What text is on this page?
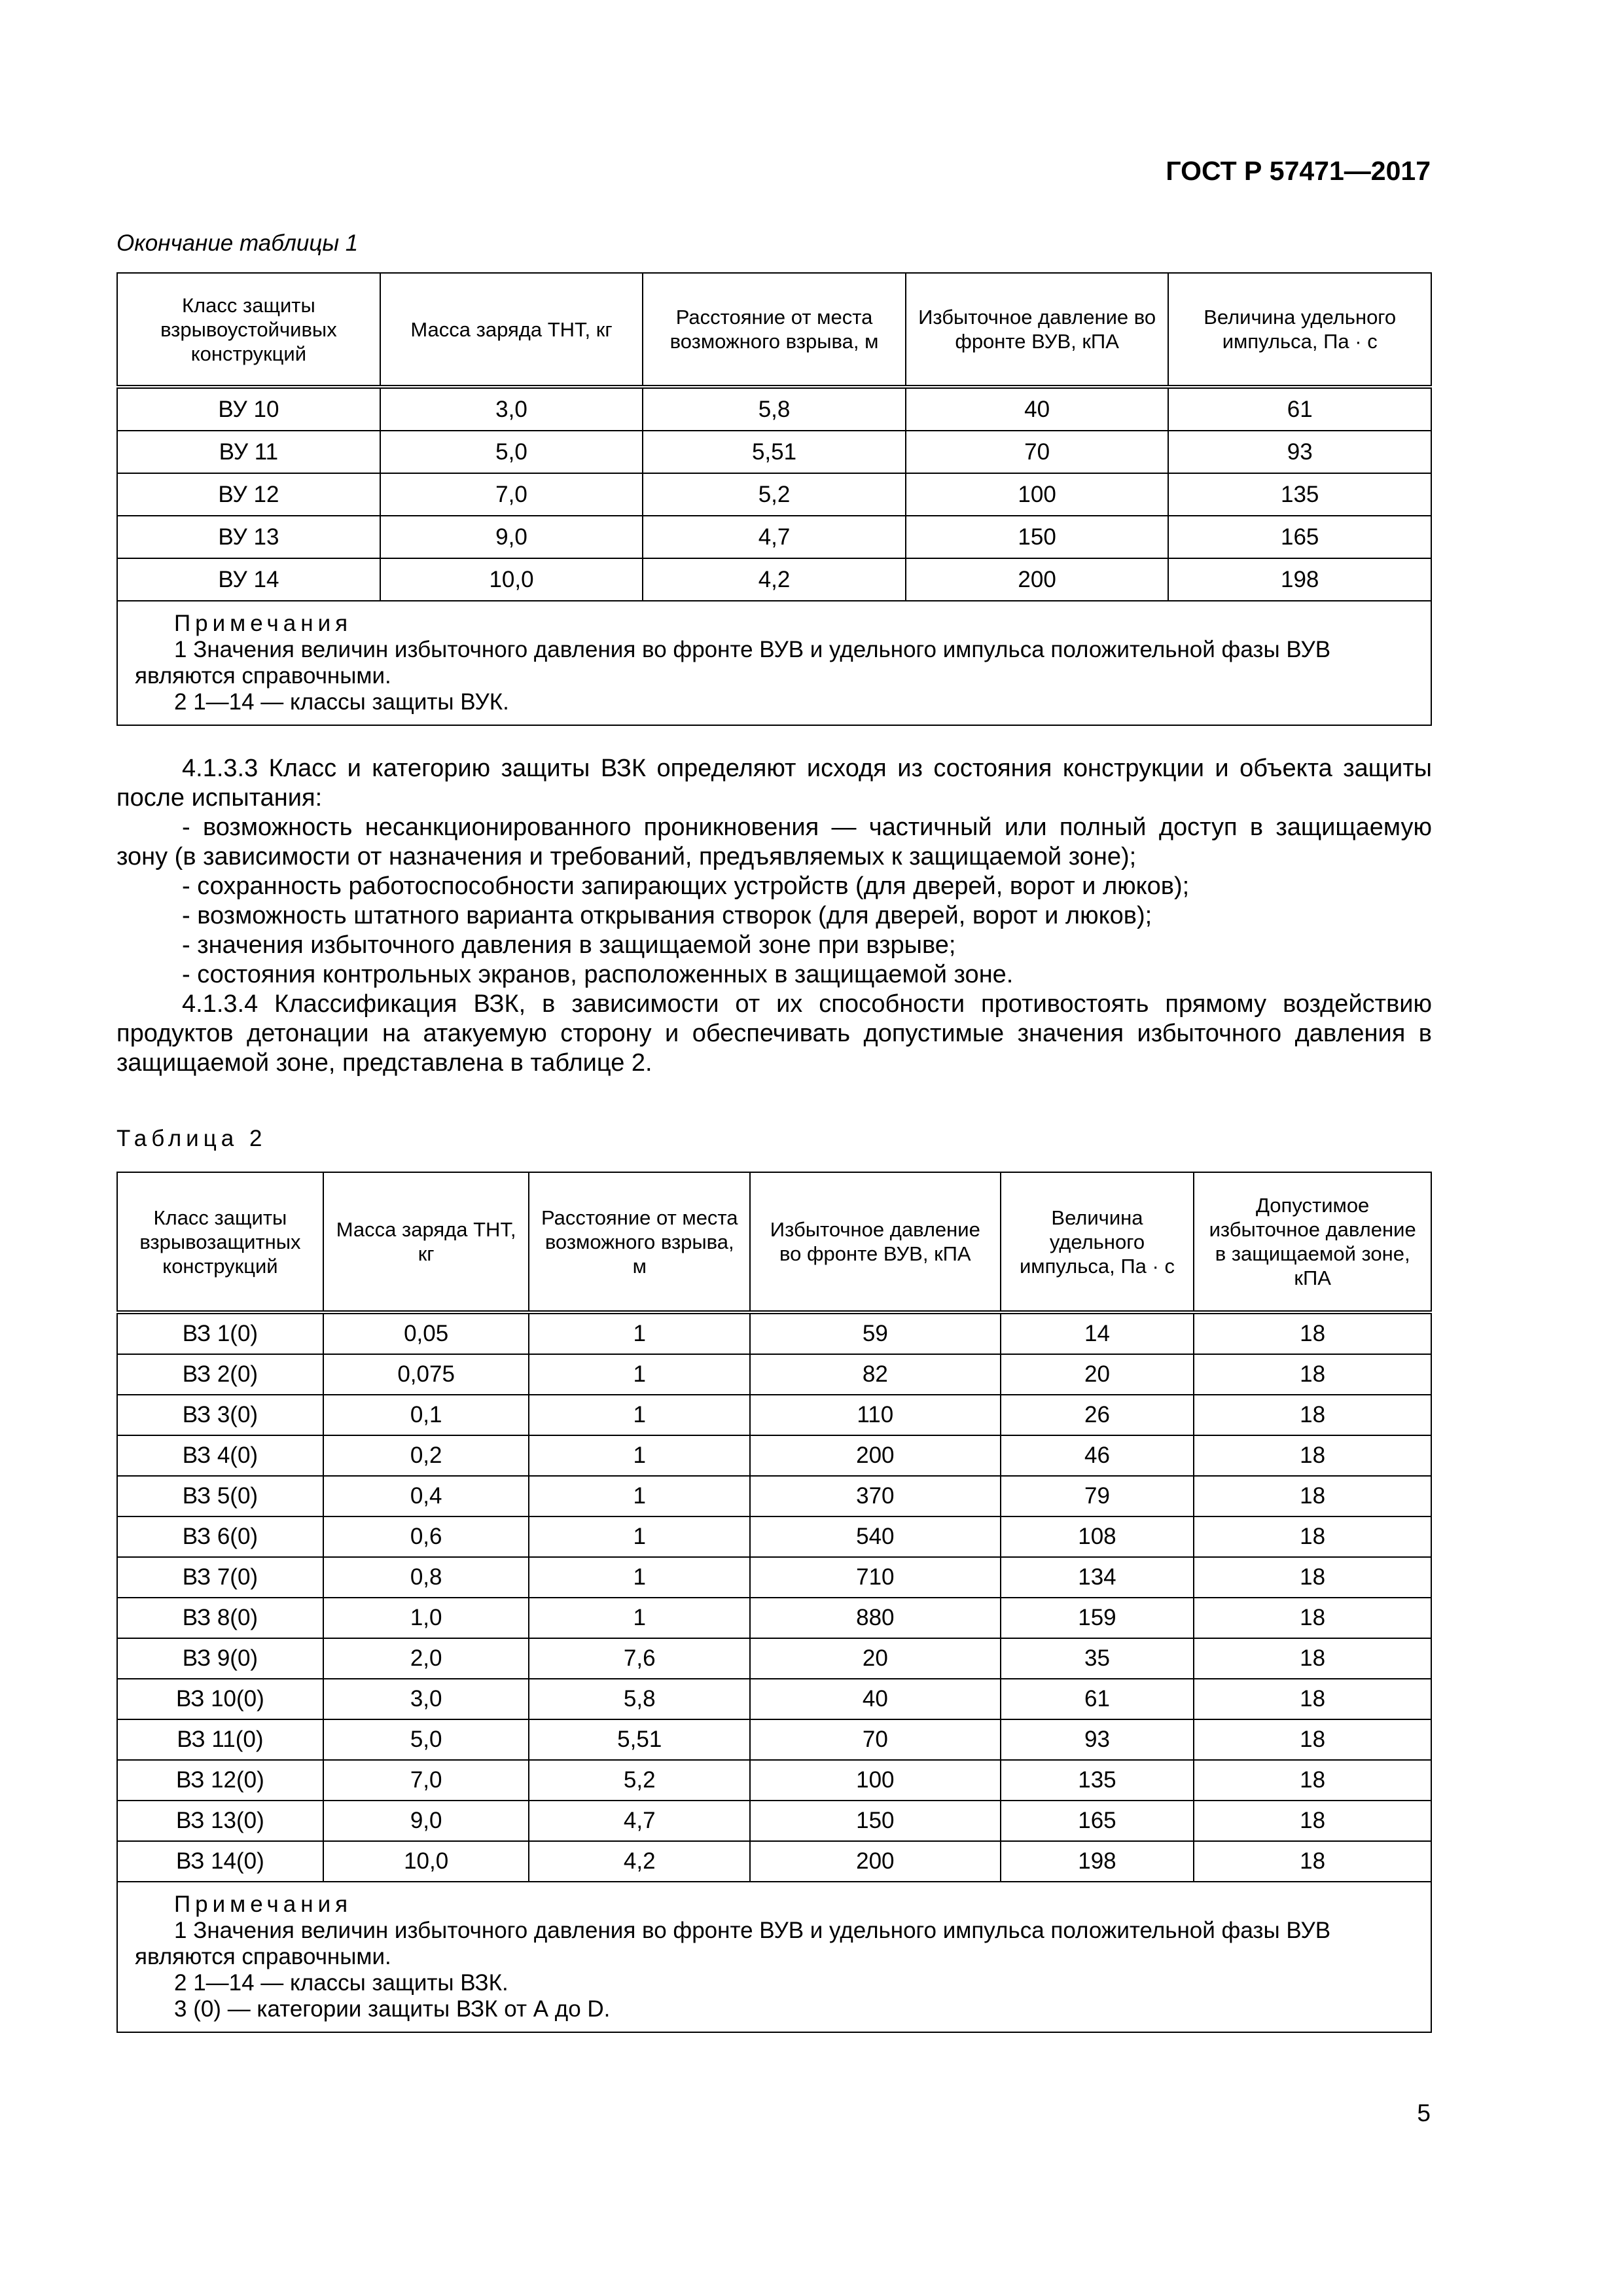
ГОСТ Р 57471—2017
Окончание таблицы 1
Класс защиты взрывоустойчивых конструкций	Масса заряда ТНТ, кг	Расстояние от места возможного взрыва, м	Избыточное давление во фронте ВУВ, кПА	Величина удельного импульса, Па · с
ВУ 10	3,0	5,8	40	61
ВУ 11	5,0	5,51	70	93
ВУ 12	7,0	5,2	100	135
ВУ 13	9,0	4,7	150	165
ВУ 14	10,0	4,2	200	198

Примечания
1 Значения величин избыточного давления во фронте ВУВ и удельного импульса положительной фазы ВУВ являются справочными.
2 1—14 — классы защиты ВУК.				

4.1.3.3 Класс и категорию защиты ВЗК определяют исходя из состояния конструкции и объекта защиты после испытания:

- возможность несанкционированного проникновения — частичный или полный доступ в защищаемую зону (в зависимости от назначения и требований, предъявляемых к защищаемой зоне);

- сохранность работоспособности запирающих устройств (для дверей, ворот и люков);

- возможность штатного варианта открывания створок (для дверей, ворот и люков);

- значения избыточного давления в защищаемой зоне при взрыве;

- состояния контрольных экранов, расположенных в защищаемой зоне.

4.1.3.4 Классификация ВЗК, в зависимости от их способности противостоять прямому воздействию продуктов детонации на атакуемую сторону и обеспечивать допустимые значения избыточного давления в защищаемой зоне, представлена в таблице 2.

Таблица 2
Класс защиты взрывозащитных конструкций	Масса заряда ТНТ, кг	Расстояние от места возможного взрыва, м	Избыточное давление во фронте ВУВ, кПА	Величина удельного импульса, Па · с	Допустимое избыточное давление в защищаемой зоне, кПА
ВЗ 1(0)	0,05	1	59	14	18
ВЗ 2(0)	0,075	1	82	20	18
ВЗ 3(0)	0,1	1	110	26	18
ВЗ 4(0)	0,2	1	200	46	18
ВЗ 5(0)	0,4	1	370	79	18
ВЗ 6(0)	0,6	1	540	108	18
ВЗ 7(0)	0,8	1	710	134	18
ВЗ 8(0)	1,0	1	880	159	18
ВЗ 9(0)	2,0	7,6	20	35	18
ВЗ 10(0)	3,0	5,8	40	61	18
ВЗ 11(0)	5,0	5,51	70	93	18
ВЗ 12(0)	7,0	5,2	100	135	18
ВЗ 13(0)	9,0	4,7	150	165	18
ВЗ 14(0)	10,0	4,2	200	198	18

Примечания
1 Значения величин избыточного давления во фронте ВУВ и удельного импульса положительной фазы ВУВ являются справочными.
2 1—14 — классы защиты ВЗК.
3 (0) — категории защиты ВЗК от А до D.					
5
